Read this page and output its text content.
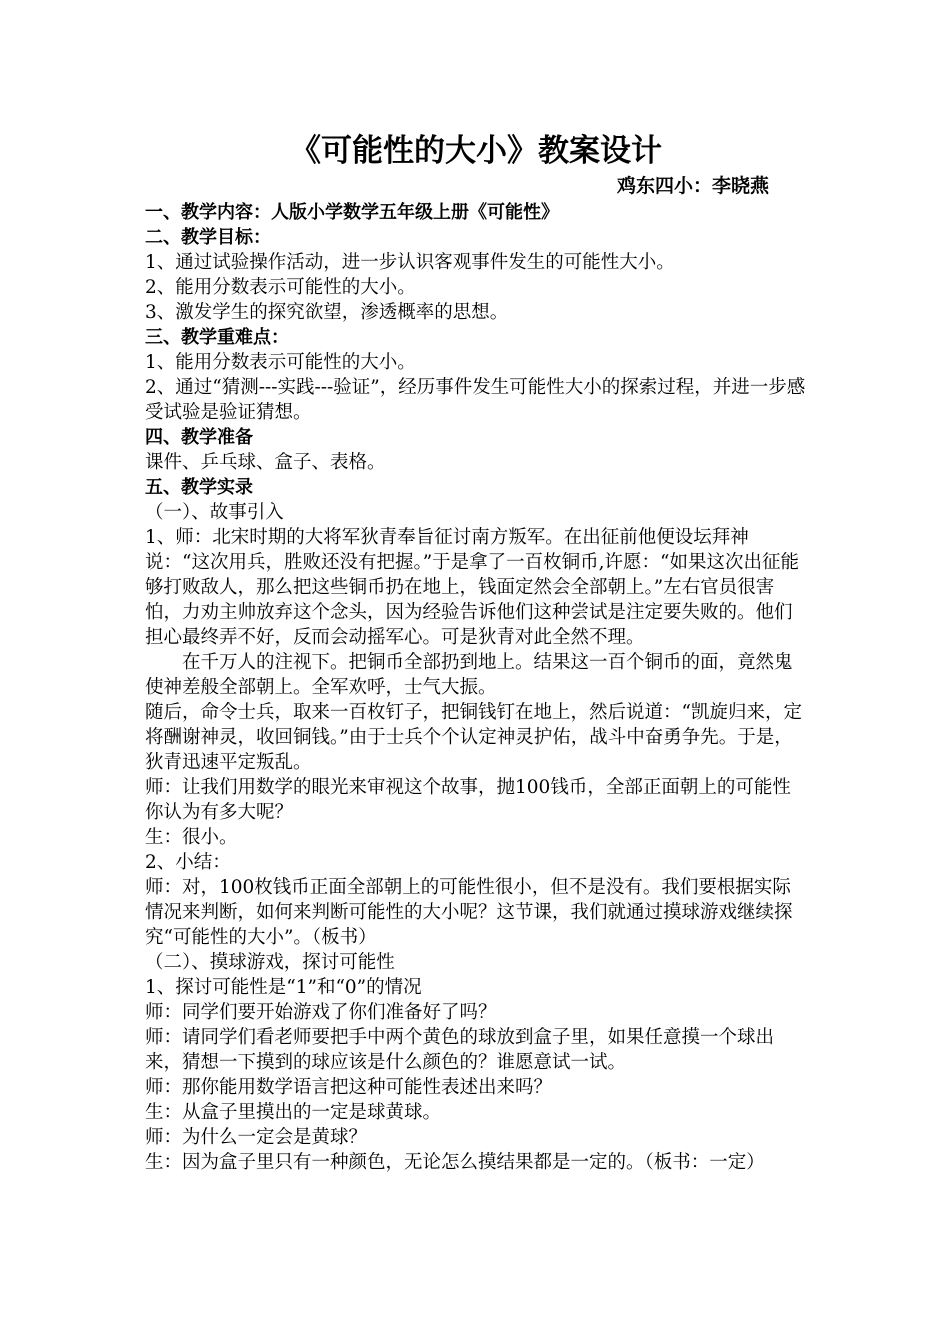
《可能性的大小》教案设计

鸡东四小：李晓燕

一、教学内容：人版小学数学五年级上册《可能性》

二、教学目标：

1、通过试验操作活动，进一步认识客观事件发生的可能性大小。

2、能用分数表示可能性的大小。

3、激发学生的探究欲望，渗透概率的思想。

三、教学重难点：

1、能用分数表示可能性的大小。

2、通过“猜测---实践---验证”，经历事件发生可能性大小的探索过程，并进一步感受试验是验证猜想。

四、教学准备

课件、乒乓球、盒子、表格。

五、教学实录

（一）、故事引入

1、师：北宋时期的大将军狄青奉旨征讨南方叛军。在出征前他便设坛拜神说：“这次用兵，胜败还没有把握。”于是拿了一百枚铜币,许愿：“如果这次出征能够打败敌人，那么把这些铜币扔在地上，钱面定然会全部朝上。”左右官员很害怕，力劝主帅放弃这个念头，因为经验告诉他们这种尝试是注定要失败的。他们担心最终弄不好，反而会动摇军心。可是狄青对此全然不理。

在千万人的注视下。把铜币全部扔到地上。结果这一百个铜币的面，竟然鬼使神差般全部朝上。全军欢呼，士气大振。

随后，命令士兵，取来一百枚钉子，把铜钱钉在地上，然后说道：“凯旋归来，定将酬谢神灵，收回铜钱。”由于士兵个个认定神灵护佑，战斗中奋勇争先。于是，狄青迅速平定叛乱。

师：让我们用数学的眼光来审视这个故事，抛100钱币，全部正面朝上的可能性你认为有多大呢？

生：很小。

2、小结：

师：对，100枚钱币正面全部朝上的可能性很小，但不是没有。我们要根据实际情况来判断，如何来判断可能性的大小呢？这节课，我们就通过摸球游戏继续探究“可能性的大小”。（板书）

（二）、摸球游戏，探讨可能性

1、探讨可能性是“1”和“0”的情况

师：同学们要开始游戏了你们准备好了吗？

师：请同学们看老师要把手中两个黄色的球放到盒子里，如果任意摸一个球出来，猜想一下摸到的球应该是什么颜色的？谁愿意试一试。

师：那你能用数学语言把这种可能性表述出来吗？

生：从盒子里摸出的一定是球黄球。

师：为什么一定会是黄球？

生：因为盒子里只有一种颜色，无论怎么摸结果都是一定的。（板书：一定）
